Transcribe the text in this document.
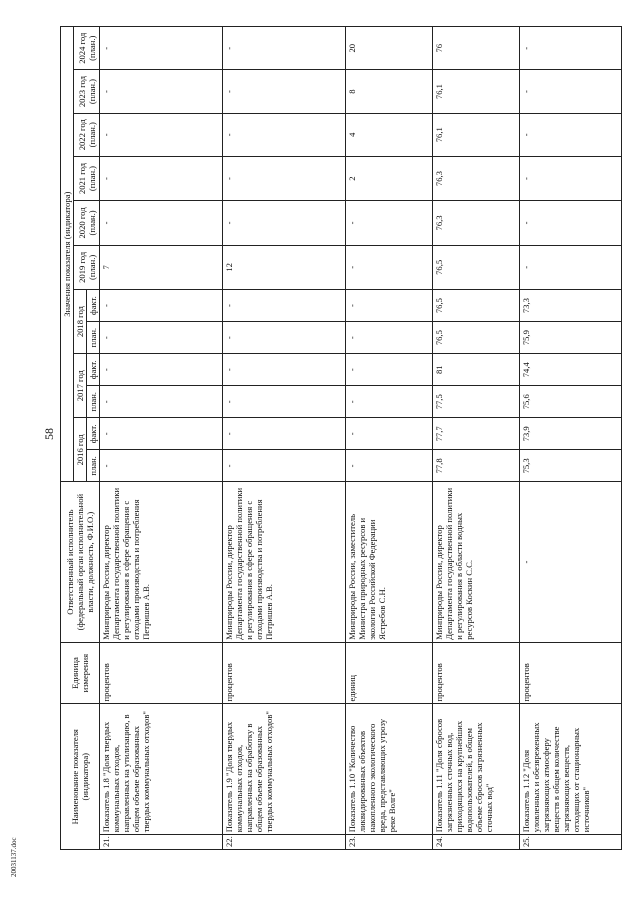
58
20031137.doc
Наименование показателя (индикатора)		Единица измерения	Ответственный исполнитель (федеральный орган исполнительной власти, должность, Ф.И.О.)	Значения показателя (индикатора)											
				2016 год		2017 год		2018 год		2019 год (план.)	2020 год (план.)	2021 год (план.)	2022 год (план.)	2023 год (план.)	2024 год (план.)
				план.	факт.	план.	факт.	план.	факт.						
21.	Показатель 1.8 "Доля твердых коммунальных отходов, направленных на утилизацию, в общем объеме образованных твердых коммунальных отходов"	процентов	Минприроды России, директор Департамента государственной политики и регулирования в сфере обращения с отходами производства и потребления Петришев А.В.	-	-	-	-	-	-	7	-	-	-	-	-
22.	Показатель 1.9 "Доля твердых коммунальных отходов, направленных на обработку в общем объеме образованных твердых коммунальных отходов"	процентов	Минприроды России, директор Департамента государственной политики и регулирования в сфере обращения с отходами производства и потребления Петришев А.В.	-	-	-	-	-	-	12	-	-	-	-	-
23.	Показатель 1.10 "Количество ликвидированных объектов накопленного экологического вреда, представляющих угрозу реке Волге"	единиц	Минприроды России, заместитель Министра природных ресурсов и экологии Российской Федерации Ястребов С.Н.	-	-	-	-	-	-	-	-	2	4	8	20
24.	Показатель 1.11 "Доля сбросов загрязненных сточных вод, приходящихся на крупнейших водопользователей, в общем объеме сбросов загрязненных сточных вод"	процентов	Минприроды России, директор Департамента государственной политики и регулирования в области водных ресурсов Коскин С.С.	77,8	77,7	77,5	81	76,5	76,5	76,5	76,3	76,3	76,1	76,1	76
25.	Показатель 1.12 "Доля уловленных и обезвреженных загрязняющих атмосферу веществ в общем количестве загрязняющих веществ, отходящих от стационарных источников"	процентов	-	75,3	73,9	75,6	74,4	75,9	73,3	-	-	-	-	-	-
